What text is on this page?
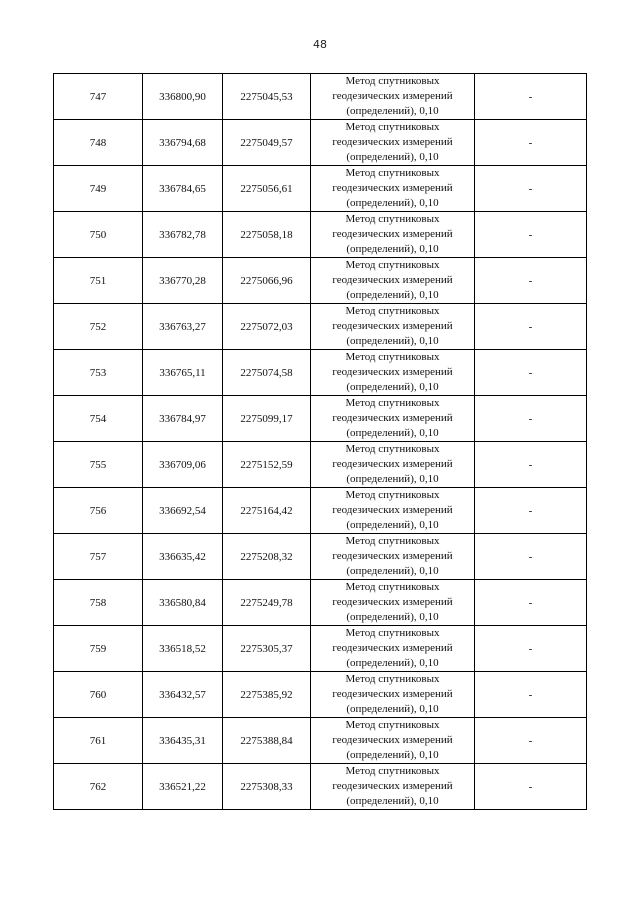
48
747	336800,90	2275045,53	Метод спутниковых
геодезических измерений
(определений), 0,10	-
748	336794,68	2275049,57	Метод спутниковых
геодезических измерений
(определений), 0,10	-
749	336784,65	2275056,61	Метод спутниковых
геодезических измерений
(определений), 0,10	-
750	336782,78	2275058,18	Метод спутниковых
геодезических измерений
(определений), 0,10	-
751	336770,28	2275066,96	Метод спутниковых
геодезических измерений
(определений), 0,10	-
752	336763,27	2275072,03	Метод спутниковых
геодезических измерений
(определений), 0,10	-
753	336765,11	2275074,58	Метод спутниковых
геодезических измерений
(определений), 0,10	-
754	336784,97	2275099,17	Метод спутниковых
геодезических измерений
(определений), 0,10	-
755	336709,06	2275152,59	Метод спутниковых
геодезических измерений
(определений), 0,10	-
756	336692,54	2275164,42	Метод спутниковых
геодезических измерений
(определений), 0,10	-
757	336635,42	2275208,32	Метод спутниковых
геодезических измерений
(определений), 0,10	-
758	336580,84	2275249,78	Метод спутниковых
геодезических измерений
(определений), 0,10	-
759	336518,52	2275305,37	Метод спутниковых
геодезических измерений
(определений), 0,10	-
760	336432,57	2275385,92	Метод спутниковых
геодезических измерений
(определений), 0,10	-
761	336435,31	2275388,84	Метод спутниковых
геодезических измерений
(определений), 0,10	-
762	336521,22	2275308,33	Метод спутниковых
геодезических измерений
(определений), 0,10	-
